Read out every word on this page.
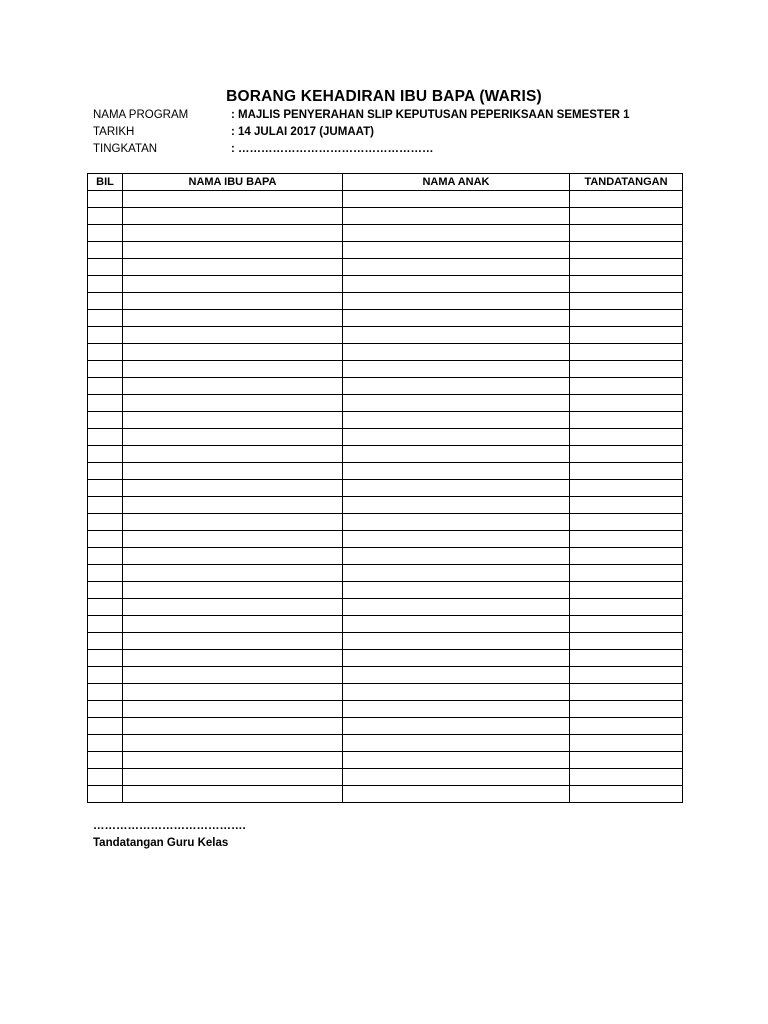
BORANG KEHADIRAN IBU BAPA (WARIS)
NAMA PROGRAM	: MAJLIS PENYERAHAN SLIP KEPUTUSAN PEPERIKSAAN SEMESTER 1
TARIKH	: 14 JULAI 2017 (JUMAAT)
TINGKATAN	: ……………………………………………
BIL	NAMA IBU BAPA	NAMA ANAK	TANDATANGAN

………………………………….
Tandatangan Guru Kelas
